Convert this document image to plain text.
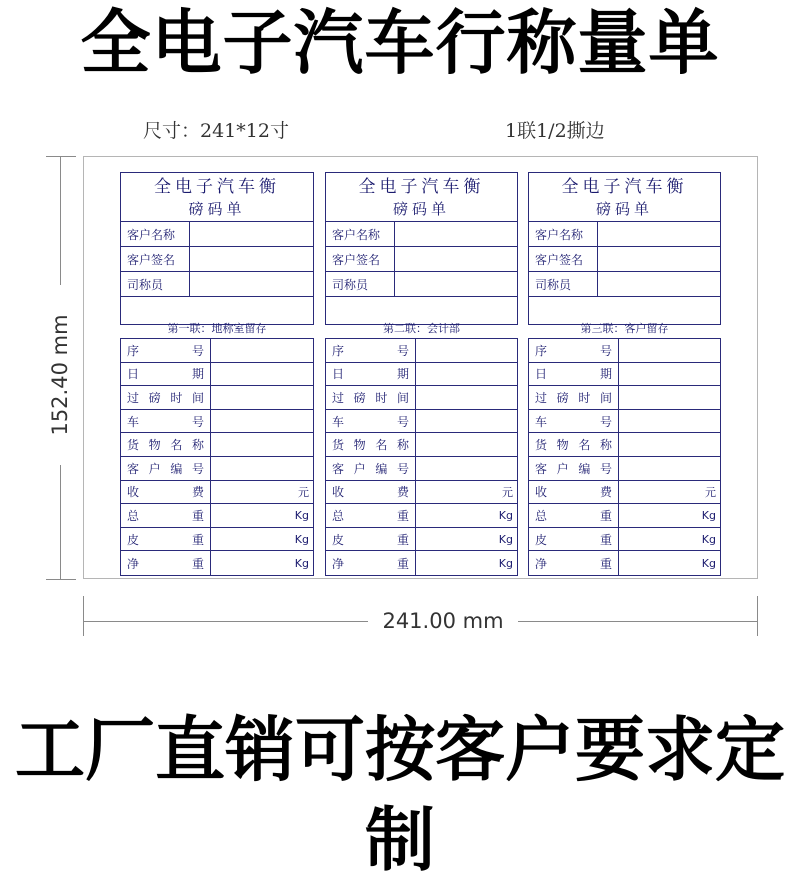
全电子汽车行称量单
尺寸：241*12寸	1联1/2撕边
152.40 mm
241.00 mm
全电子汽车衡
磅码单
客户名称
客户签名
司称员
第一联：地称室留存
序	号
日	期
过 磅 时 间
车	号
货 物 名 称
客 户 编 号
收	费	元
总	重	Kg
皮	重	Kg
净	重	Kg
全电子汽车衡
磅码单
客户名称
客户签名
司称员
第二联：会计部
序	号
日	期
过 磅 时 间
车	号
货 物 名 称
客 户 编 号
收	费	元
总	重	Kg
皮	重	Kg
净	重	Kg
全电子汽车衡
磅码单
客户名称
客户签名
司称员
第三联：客户留存
序	号
日	期
过 磅 时 间
车	号
货 物 名 称
客 户 编 号
收	费	元
总	重	Kg
皮	重	Kg
净	重	Kg
工厂直销可按客户要求定制
